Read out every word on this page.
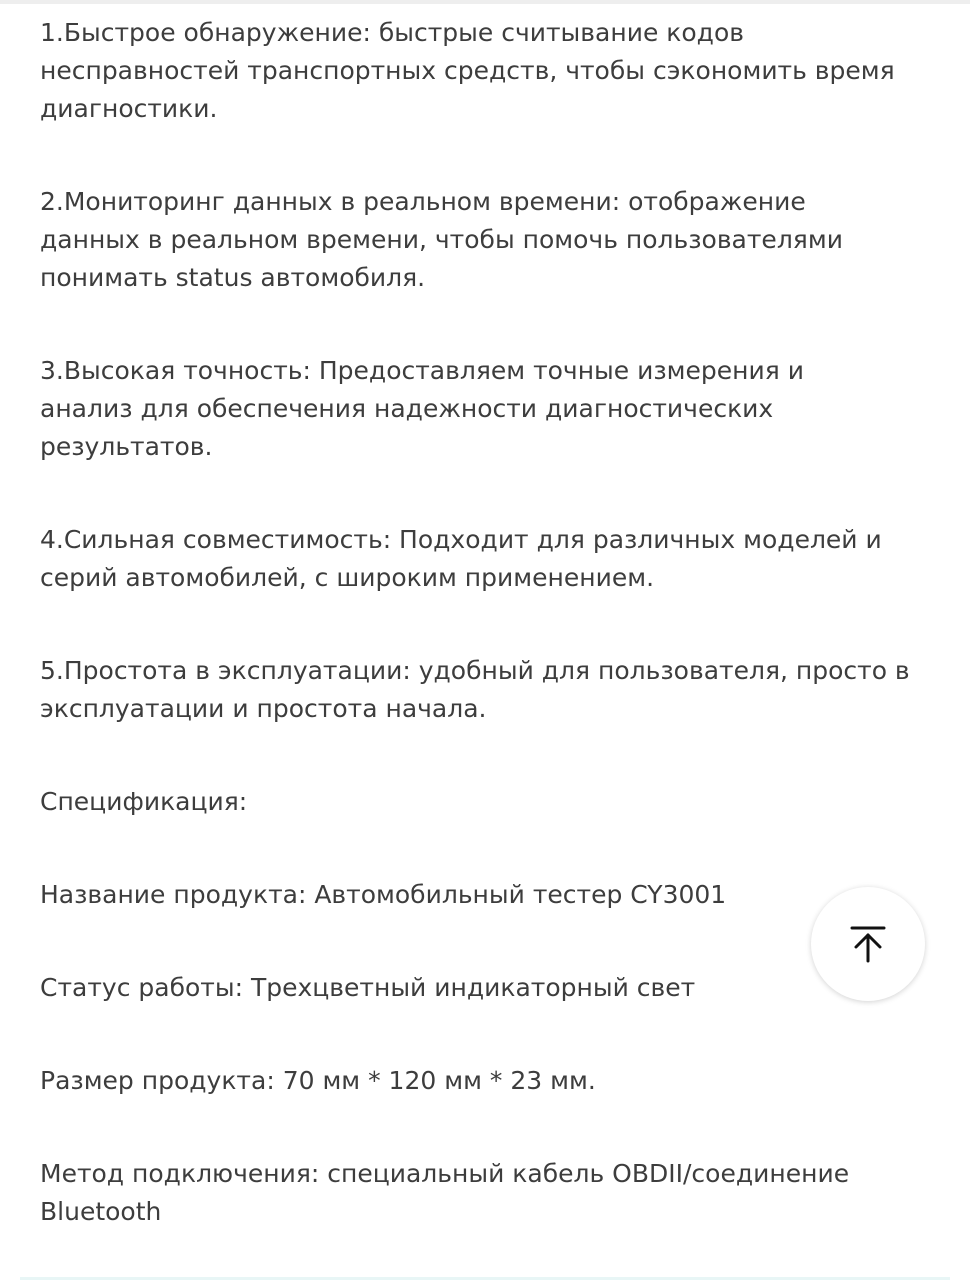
1.Быстрое обнаружение: быстрые считывание кодов несправностей транспортных средств, чтобы сэкономить время диагностики.

2.Мониторинг данных в реальном времени: отображение данных в реальном времени, чтобы помочь пользователями понимать status автомобиля.

3.Высокая точность: Предоставляем точные измерения и анализ для обеспечения надежности диагностических результатов.

4.Сильная совместимость: Подходит для различных моделей и серий автомобилей, с широким применением.

5.Простота в эксплуатации: удобный для пользователя, просто в эксплуатации и простота начала.

Спецификация:

Название продукта: Автомобильный тестер CY3001

Статус работы: Трехцветный индикаторный свет

Размер продукта: 70 мм * 120 мм * 23 мм.

Метод подключения: специальный кабель OBDII/соединение Bluetooth
